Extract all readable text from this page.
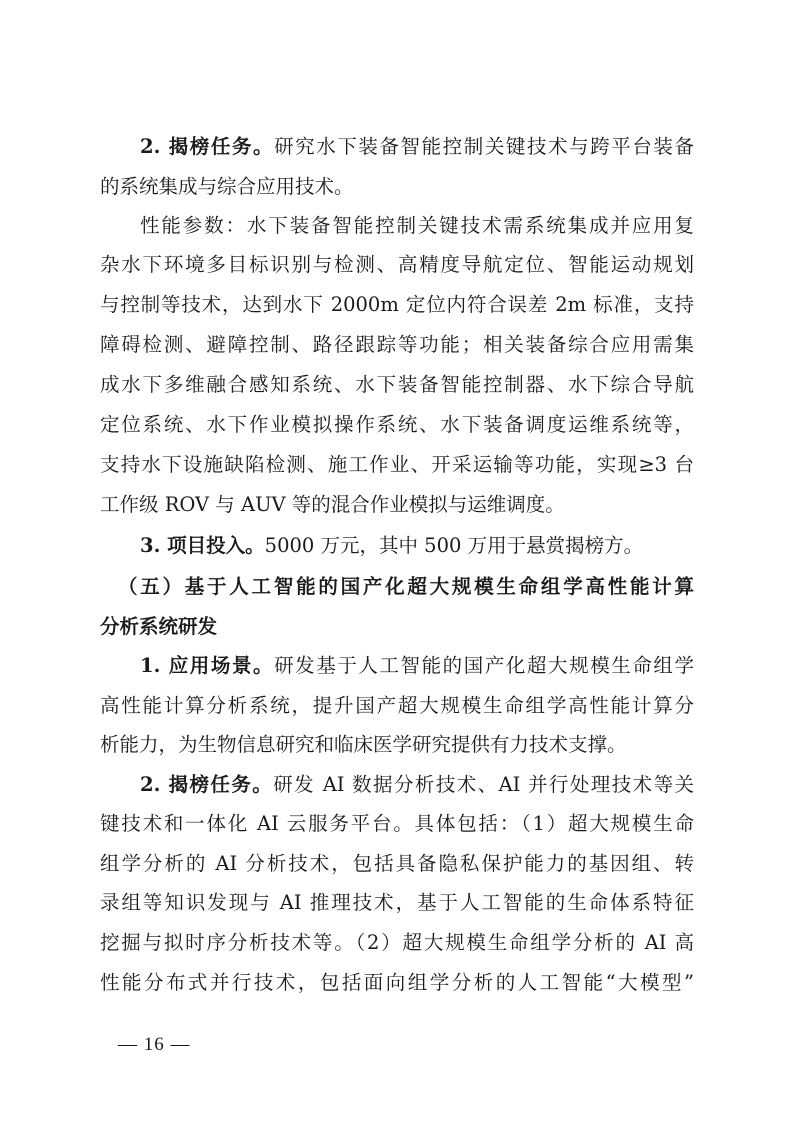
2. 揭榜任务。研究水下装备智能控制关键技术与跨平台装备
的系统集成与综合应用技术。
性能参数：水下装备智能控制关键技术需系统集成并应用复
杂水下环境多目标识别与检测、高精度导航定位、智能运动规划
与控制等技术，达到水下 2000m 定位内符合误差 2m 标准，支持
障碍检测、避障控制、路径跟踪等功能；相关装备综合应用需集
成水下多维融合感知系统、水下装备智能控制器、水下综合导航
定位系统、水下作业模拟操作系统、水下装备调度运维系统等，
支持水下设施缺陷检测、施工作业、开采运输等功能，实现≥3 台
工作级 ROV 与 AUV 等的混合作业模拟与运维调度。
3. 项目投入。5000 万元，其中 500 万用于悬赏揭榜方。
（五）基于人工智能的国产化超大规模生命组学高性能计算
分析系统研发
1. 应用场景。研发基于人工智能的国产化超大规模生命组学
高性能计算分析系统，提升国产超大规模生命组学高性能计算分
析能力，为生物信息研究和临床医学研究提供有力技术支撑。
2. 揭榜任务。研发 AI 数据分析技术、AI 并行处理技术等关
键技术和一体化 AI 云服务平台。具体包括：（1）超大规模生命
组学分析的 AI 分析技术，包括具备隐私保护能力的基因组、转
录组等知识发现与 AI 推理技术，基于人工智能的生命体系特征
挖掘与拟时序分析技术等。（2）超大规模生命组学分析的 AI 高
性能分布式并行技术，包括面向组学分析的人工智能“大模型”
— 16 —
